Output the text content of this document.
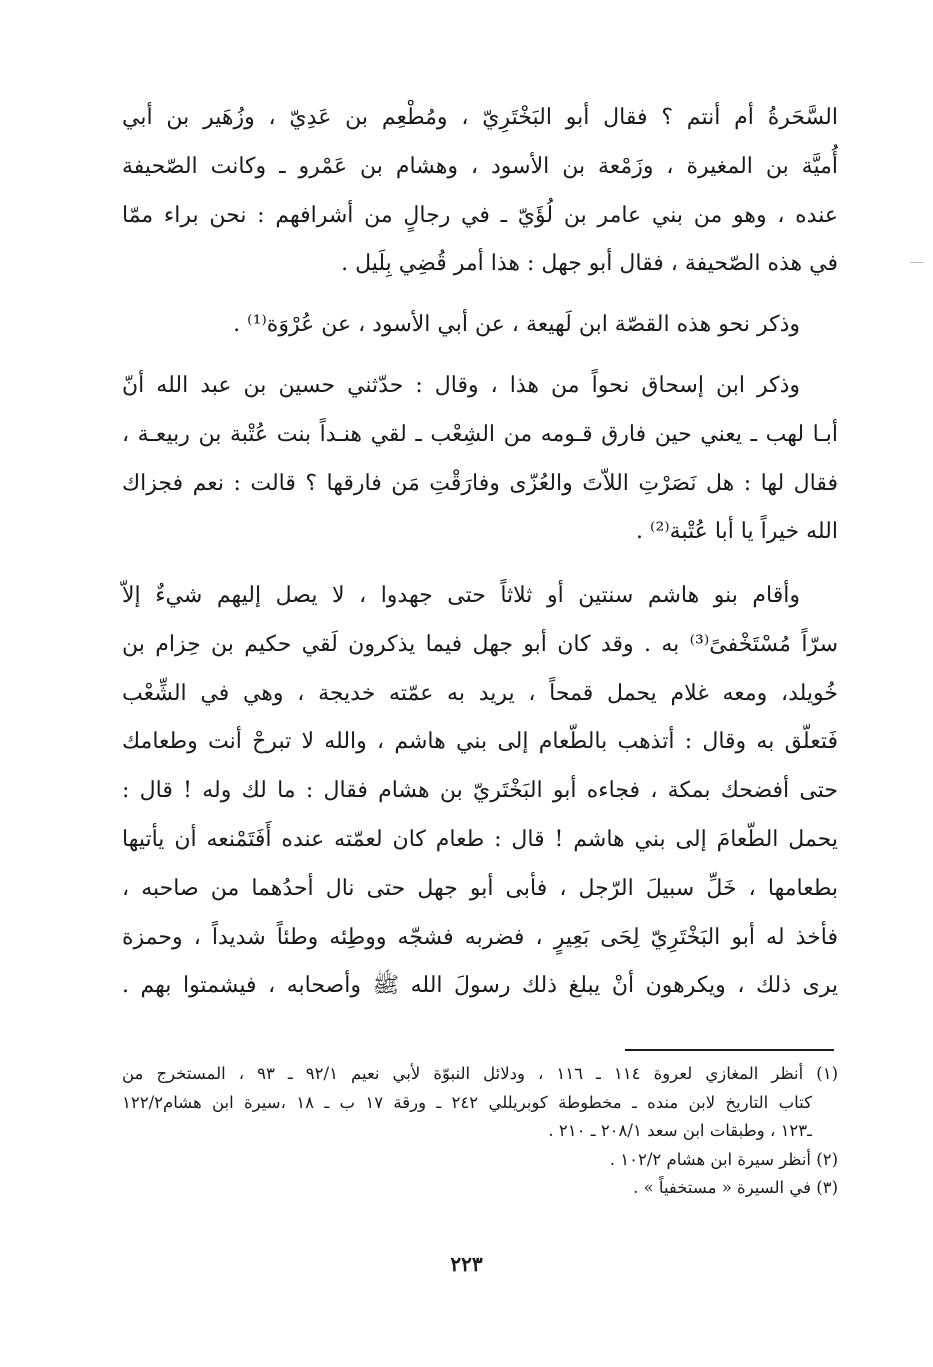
السَّحَرةُ أم أنتم ؟ فقال أبو البَخْتَرِيّ ، ومُطْعِم بن عَدِيّ ، وزُهَير بن أبي
أُميَّة بن المغيرة ، وزَمْعة بن الأسود ، وهشام بن عَمْرو ـ وكانت الصّحيفة
عنده ، وهو من بني عامر بن لُؤَيّ ـ في رجالٍ من أشرافهم : نحن براء ممّا
في هذه الصّحيفة ، فقال أبو جهل : هذا أمر قُضِي بِلَيل .
وذكر نحو هذه القصّة ابن لَهيعة ، عن أبي الأسود ، عن عُرْوَة⁽¹⁾ .
وذكر ابن إسحاق نحواً من هذا ، وقال : حدّثني حسين بن عبد الله أنّ
أبـا لهب ـ يعني حين فارق قـومه من الشِعْب ـ لقي هنـداً بنت عُتْبة بن ربيعـة ،
فقال لها : هل نَصَرْتِ اللاّتَ والعُزّى وفارَقْتِ مَن فارقها ؟ قالت : نعم فجزاك
الله خيراً يا أبا عُتْبة⁽²⁾ .
وأقام بنو هاشم سنتين أو ثلاثاً حتى جهدوا ، لا يصل إليهم شيءٌ إلاّ
سرّاً مُسْتَخْفىً⁽³⁾ به . وقد كان أبو جهل فيما يذكرون لَقي حكيم بن حِزام بن
خُويلد، ومعه غلام يحمل قمحاً ، يريد به عمّته خديجة ، وهي في الشِّعْب
فَتعلّق به وقال : أتذهب بالطّعام إلى بني هاشم ، والله لا تبرحْ أنت وطعامك
حتى أفضحك بمكة ، فجاءه أبو البَخْتَريّ بن هشام فقال : ما لك وله ! قال :
يحمل الطّعامَ إلى بني هاشم ! قال : طعام كان لعمّته عنده أَفَتَمْنعه أن يأتيها
بطعامها ، خَلِّ سبيلَ الرّجل ، فأبى أبو جهل حتى نال أحدُهما من صاحبه ،
فأخذ له أبو البَخْتَرِيّ لِحَى بَعِيرٍ ، فضربه فشجّه ووطِئه وطئاً شديداً ، وحمزة
يرى ذلك ، ويكرهون أنْ يبلغ ذلك رسولَ الله ﷺ وأصحابه ، فيشمتوا بهم .
(١) أنظر المغازي لعروة ١١٤ ـ ١١٦ ، ودلائل النبوّة لأبي نعيم ٩٢/١ ـ ٩٣ ، المستخرج من
كتاب التاريخ لابن منده ـ مخطوطة كوبريللي ٢٤٢ ـ ورقة ١٧ ب ـ ١٨ ،سيرة ابن هشام١٢٢/٢
ـ١٢٣ ، وطبقات ابن سعد ٢٠٨/١ ـ ٢١٠ .
(٢) أنظر سيرة ابن هشام ١٠٢/٢ .
(٣) في السيرة « مستخفياً » .
٢٢٣
